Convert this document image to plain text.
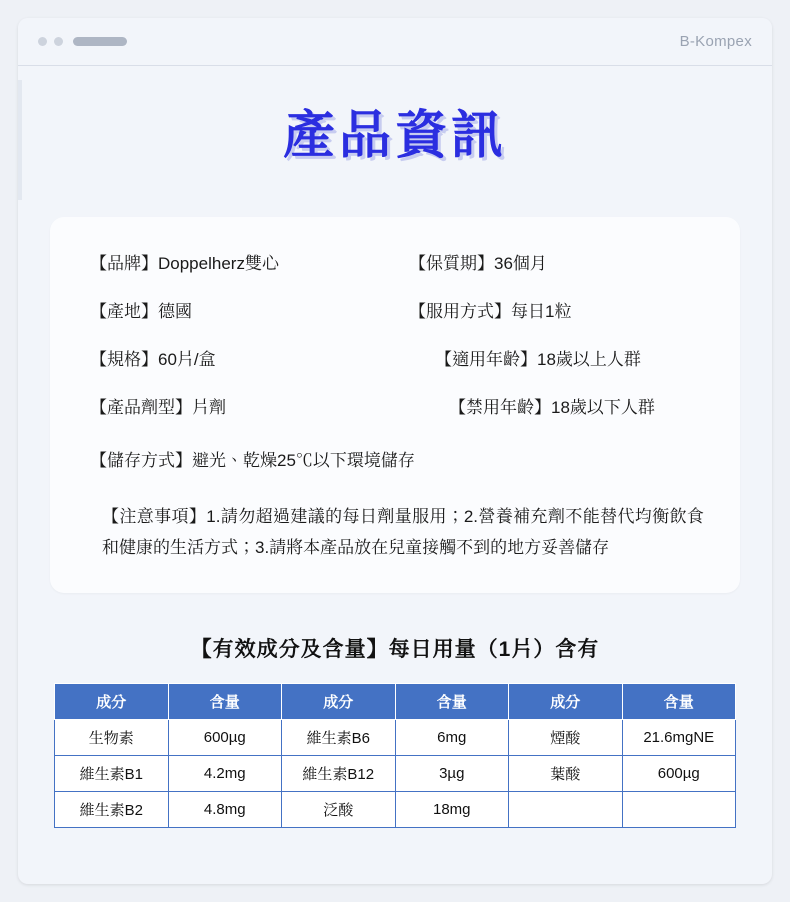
B-Kompex
產品資訊
【品牌】Doppelherz雙心	【保質期】36個月
【產地】德國	【服用方式】每日1粒
【規格】60片/盒	【適用年齡】18歲以上人群
【產品劑型】片劑	【禁用年齡】18歲以下人群
【儲存方式】避光、乾燥25℃以下環境儲存
【注意事項】1.請勿超過建議的每日劑量服用；2.營養補充劑不能替代均衡飲食和健康的生活方式；3.請將本產品放在兒童接觸不到的地方妥善儲存
【有效成分及含量】每日用量（1片）含有
成分	含量	成分	含量	成分	含量
生物素	600µg	維生素B6	6mg	煙酸	21.6mgNE
維生素B1	4.2mg	維生素B12	3µg	葉酸	600µg
維生素B2	4.8mg	泛酸	18mg		
